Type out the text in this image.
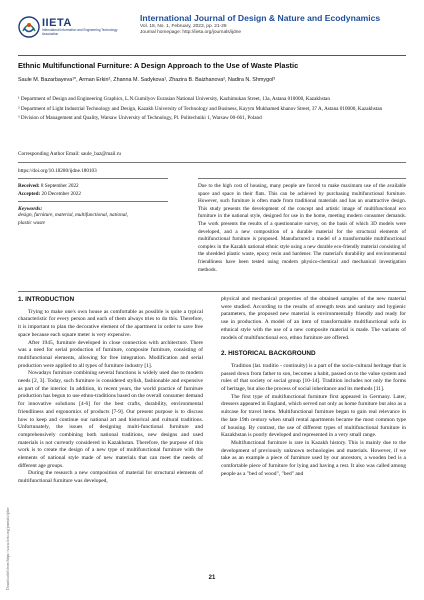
IIETA
International Information and Engineering Technology Association
International Journal of Design & Nature and Ecodynamics
Vol. 18, No. 1, February, 2023, pp. 21-28
Journal homepage: http://iieta.org/journals/ijdne
Ethnic Multifunctional Furniture: A Design Approach to the Use of Waste Plastic
Saule M. Bazarbayeva¹*, Arman Erkin², Zhanna M. Sadykova¹, Zhazira B. Baizhanova², Nadira N. Shmygol³

¹ Department of Design and Engineering Graphics, L.N.Gumilyov Eurasian National University, Kazhimukan Street, 13a, Astana 010000, Kazakhstan

² Department of Light Industrial Technology and Design, Kazakh University of Technology and Business, Kayym Mukhamed khanov Street, 37 A, Astana 010000, Kazakhstan

³ Division of Management and Quality, Warsaw University of Technology, Pl. Politechniki 1, Warsaw 00-661, Poland

Corresponding Author Email: saule_baz@mail.ru
https://doi.org/10.18280/ijdne.180103
Received: 8 September 2022
Accepted: 20 December 2022
Keywords:
design, furniture, material, multifunctional, national, plastic waste
Due to the high cost of housing, many people are forced to make maximum use of the available space and space in their flats. This can be achieved by purchasing multifunctional furniture. However, such furniture is often made from traditional materials and has an unattractive design. This study presents the development of the concept and artistic image of multifunctional eco furniture in the national style, designed for use in the home, meeting modern consumer demands. The work presents the results of a questionnaire survey, on the basis of which 3D models were developed, and a new composition of a durable material for the structural elements of multifunctional furniture is proposed. Manufactured a model of a transformable multifunctional complex in the Kazakh national ethnic style using a new durable eco-friendly material consisting of the shredded plastic waste, epoxy resin and hardener. The material's durability and environmental friendliness have been tested using modern physico-chemical and mechanical investigation methods.
1. INTRODUCTION

Trying to make one's own house as comfortable as possible is quite a typical characteristic for every person and each of them always tries to do this. Therefore, it is important to plan the decorative element of the apartment in order to save free space because each square meter is very expensive.

After 1945, furniture developed in close connection with architecture. There was a need for serial production of furniture, composite furniture, consisting of multifunctional elements, allowing for free integration. Modification and serial production were applied to all types of furniture industry [1].

Nowadays furniture combining several functions is widely used due to modern needs [2, 3]. Today, such furniture is considered stylish, fashionable and expensive as part of the interior. In addition, in recent years, the world practice of furniture production has begun to use ethno-traditions based on the overall consumer demand for innovative solutions [4-6] for the best crafts, durability, environmental friendliness and ergonomics of products [7-9]. Our present purpose is to discuss how to keep and continue our national art and historical and cultural traditions. Unfortunately, the issues of designing multi-functional furniture and comprehensively combining both national traditions, new designs and used materials is not currently considered in Kazakhstan. Therefore, the purpose of this work is to create the design of a new type of multifunctional furniture with the elements of national style made of new materials that can meet the needs of different age groups.

During the research a new composition of material for structural elements of multifunctional furniture was developed,

physical and mechanical properties of the obtained samples of the new material were studied. According to the results of strength tests and sanitary and hygienic parameters, the proposed new material is environmentally friendly and ready for use in production. A model of an item of transformable multifunctional sofa in ethnical style with the use of a new composite material is made. The variants of models of multifunctional eco, ethno furniture are offered.

2. HISTORICAL BACKGROUND

Tradition (lat. traditio - continuity) is a part of the socio-cultural heritage that is passed down from father to son, becomes a habit, passed on to the value system and rules of that society or social group [10-14]. Tradition includes not only the forms of heritage, but also the process of social inheritance and its methods [11].

The first type of multifunctional furniture first appeared in Germany. Later, dressers appeared in England, which served not only as home furniture but also as a suitcase for travel items. Multifunctional furniture began to gain real relevance in the late 19th century when small rental apartments became the most common type of housing. By contrast, the use of different types of multifunctional furniture in Kazakhstan is poorly developed and represented in a very small range.

Multifunctional furniture is rare in Kazakh history. This is mainly due to the development of previously unknown technologies and materials. However, if we take as an example a piece of furniture used by our ancestors, a wooden bed is a comfortable piece of furniture for lying and having a rest. It also was called among people as a "bed of wood", "bed" and

Downloaded from https://www.iieta.org/journals/ijdne	21
